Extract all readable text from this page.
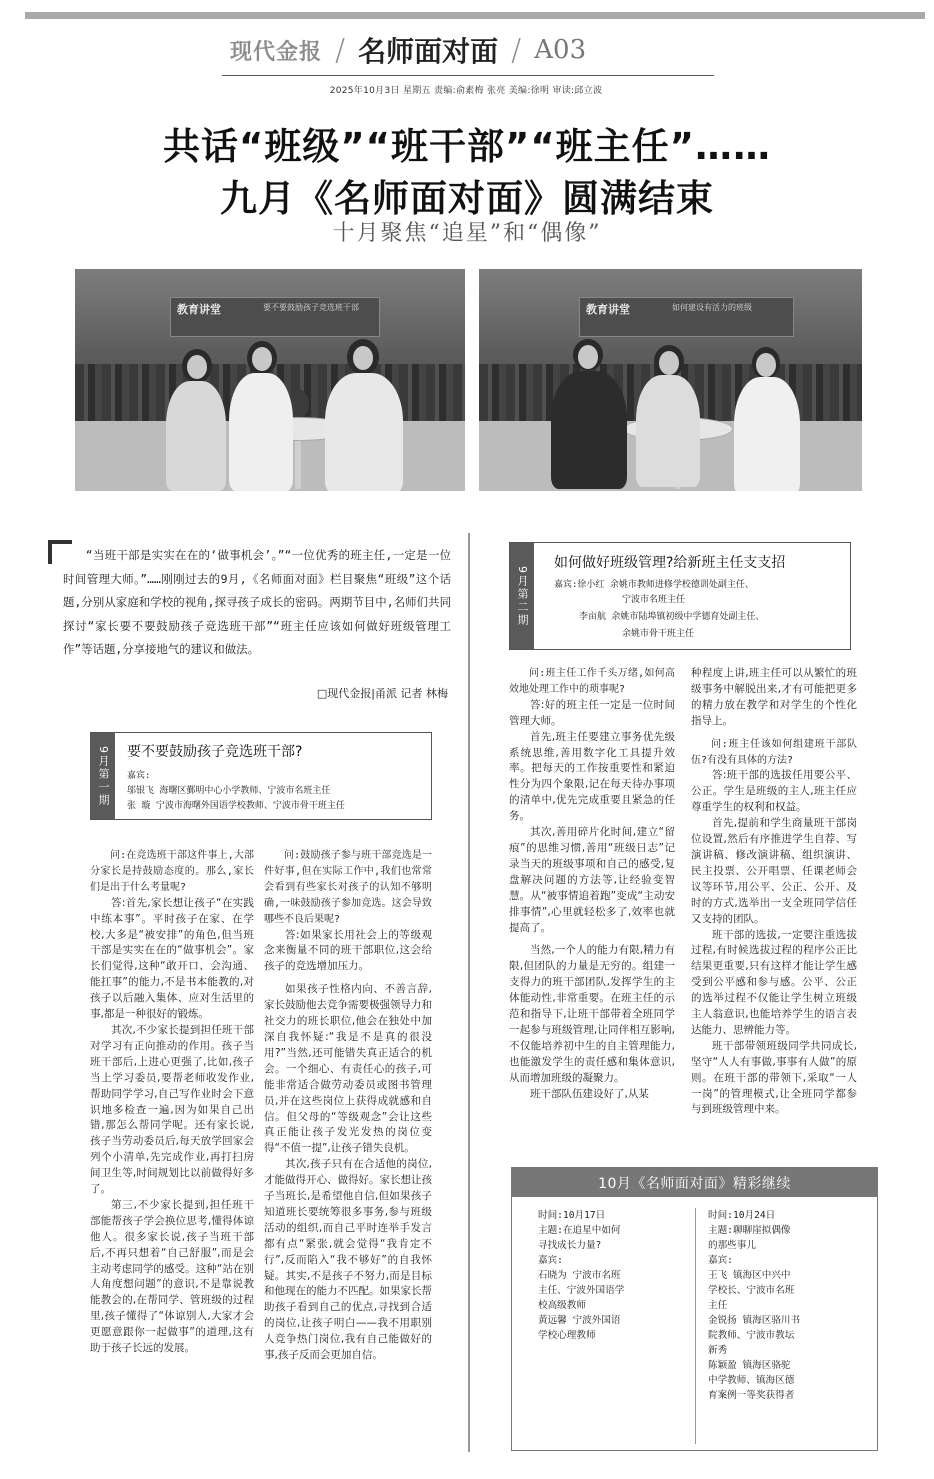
现代金报 / 名师面对面 / A03
2025年10月3日 星期五 责编:俞素梅 张亮 美编:徐明 审读:邱立波
共话“班级”“班干部”“班主任”……
九月《名师面对面》圆满结束
十月聚焦“追星”和“偶像”
教育讲堂	要不要鼓励孩子竞选班干部	教育讲堂	如何建设有活力的班级
“当班干部是实实在在的‘做事机会’。”“一位优秀的班主任,一定是一位时间管理大师。”……刚刚过去的9月,《名师面对面》栏目聚焦“班级”这个话题,分别从家庭和学校的视角,探寻孩子成长的密码。两期节目中,名师们共同探讨“家长要不要鼓励孩子竞选班干部”“班主任应该如何做好班级管理工作”等话题,分享接地气的建议和做法。
□现代金报|甬派 记者 林梅
9月第一期	要不要鼓励孩子竞选班干部?
嘉宾:
邬银飞 海曙区鄞明中心小学教师、宁波市名班主任
张 璇 宁波市海曙外国语学校教师、宁波市骨干班主任
9月第二期
如何做好班级管理?给新班主任支支招
嘉宾:徐小红 余姚市教师进修学校德训处副主任、
宁波市名班主任
李亩航 余姚市陆埠镇初级中学德育处副主任、
余姚市骨干班主任

问:在竞选班干部这件事上,大部分家长是持鼓励态度的。那么,家长们是出于什么考量呢?

答:首先,家长想让孩子“在实践中练本事”。平时孩子在家、在学校,大多是“被安排”的角色,但当班干部是实实在在的“做事机会”。家长们觉得,这种“敢开口、会沟通、能扛事”的能力,不是书本能教的,对孩子以后融入集体、应对生活里的事,都是一种很好的锻炼。

其次,不少家长提到担任班干部对学习有正向推动的作用。孩子当班干部后,上进心更强了,比如,孩子当上学习委员,要帮老师收发作业,帮助同学学习,自己写作业时会下意识地多检查一遍,因为如果自己出错,那怎么帮同学呢。还有家长说,孩子当劳动委员后,每天放学回家会列个小清单,先完成作业,再打扫房间卫生等,时间规划比以前做得好多了。

第三,不少家长提到,担任班干部能帮孩子学会换位思考,懂得体谅他人。很多家长说,孩子当班干部后,不再只想着“自己舒服”,而是会主动考虑同学的感受。这种“站在别人角度想问题”的意识,不是靠说教能教会的,在帮同学、管班级的过程里,孩子懂得了“体谅别人,大家才会更愿意跟你一起做事”的道理,这有助于孩子长远的发展。

问:鼓励孩子参与班干部竞选是一件好事,但在实际工作中,我们也常常会看到有些家长对孩子的认知不够明确,一味鼓励孩子参加竞选。这会导致哪些不良后果呢?

答:如果家长用社会上的等级观念来衡量不同的班干部职位,这会给孩子的竞选增加压力。

如果孩子性格内向、不善言辞,家长鼓励他去竞争需要极强领导力和社交力的班长职位,他会在独处中加深自我怀疑:“我是不是真的很没用?”当然,还可能错失真正适合的机会。一个细心、有责任心的孩子,可能非常适合做劳动委员或图书管理员,并在这些岗位上获得成就感和自信。但父母的“等级观念”会让这些真正能让孩子发光发热的岗位变得“不值一提”,让孩子错失良机。

其次,孩子只有在合适他的岗位,才能做得开心、做得好。家长想让孩子当班长,是希望他自信,但如果孩子知道班长要统筹很多事务,参与班级活动的组织,而自己平时连举手发言都有点“紧张,就会觉得“我肯定不行”,反而陷入“我不够好”的自我怀疑。其实,不是孩子不努力,而是目标和他现在的能力不匹配。如果家长帮助孩子看到自己的优点,寻找到合适的岗位,让孩子明白——我不用职别人竞争热门岗位,我有自己能做好的事,孩子反而会更加自信。

问:班主任工作千头万绪,如何高效地处理工作中的琐事呢?

答:好的班主任一定是一位时间管理大师。

首先,班主任要建立事务优先级系统思维,善用数字化工具提升效率。把每天的工作按重要性和紧迫性分为四个象限,记在每天待办事项的清单中,优先完成重要且紧急的任务。

其次,善用碎片化时间,建立“留痕”的思维习惯,善用“班级日志”记录当天的班级事项和自己的感受,复盘解决问题的方法等,让经验变智慧。从“被事情追着跑”变成“主动安排事情”,心里就轻松多了,效率也就提高了。

当然,一个人的能力有限,精力有限,但团队的力量是无穷的。组建一支得力的班干部团队,发挥学生的主体能动性,非常重要。在班主任的示范和指导下,让班干部带着全班同学一起参与班级管理,让同伴相互影响,不仅能培养初中生的自主管理能力,也能激发学生的责任感和集体意识,从而增加班级的凝聚力。

班干部队伍建设好了,从某

种程度上讲,班主任可以从繁忙的班级事务中解脱出来,才有可能把更多的精力放在教学和对学生的个性化指导上。

问:班主任该如何组建班干部队伍?有没有具体的方法?

答:班干部的选拔任用要公平、公正。学生是班级的主人,班主任应尊重学生的权利和权益。

首先,提前和学生商量班干部岗位设置,然后有序推进学生自荐、写演讲稿、修改演讲稿、组织演讲、民主投票、公开唱票、任课老师会议等环节,用公平、公正、公开、及时的方式,选举出一支全班同学信任又支持的团队。

班干部的选拔,一定要注重选拔过程,有时候选拔过程的程序公正比结果更重要,只有这样才能让学生感受到公平感和参与感。公平、公正的选举过程不仅能让学生树立班级主人翁意识,也能培养学生的语言表达能力、思辨能力等。

班干部带领班级同学共同成长,坚守“人人有事做,事事有人做”的原则。在班干部的带领下,采取“一人一岗”的管理模式,让全班同学都参与到班级管理中来。

10月《名师面对面》精彩继续
时间:10月17日
主题:在追星中如何
寻找成长力量?
嘉宾:
石晓为 宁波市名班
主任、宁波外国语学
校高级教师
黄远馨 宁波外国语
学校心理教师
时间:10月24日
主题:聊聊崖拟偶像
的那些事儿
嘉宾:
王飞 镇海区中兴中
学校长、宁波市名班
主任
金锐扬 镇海区骆川书
院教师、宁波市教坛
新秀
陈颖盈 镇海区骆驼
中学教师、镇海区德
育案例一等奖获得者
